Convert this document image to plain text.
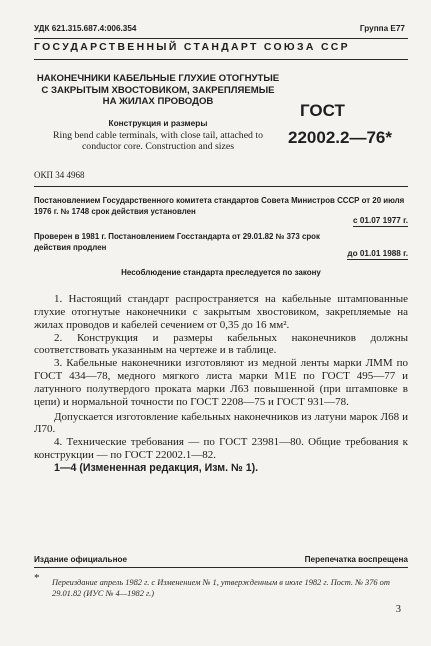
УДК 621.315.687.4:006.354	Группа Е77
ГОСУДАРСТВЕННЫЙ СТАНДАРТ СОЮЗА ССР
НАКОНЕЧНИКИ КАБЕЛЬНЫЕ ГЛУХИЕ ОТОГНУТЫЕ С ЗАКРЫТЫМ ХВОСТОВИКОМ, ЗАКРЕПЛЯЕМЫЕ НА ЖИЛАХ ПРОВОДОВ
Конструкция и размеры
Ring bend cable terminals, with close tail, attached to conductor core. Construction and sizes
ГОСТ
22002.2—76*
ОКП 34 4968
Постановлением Государственного комитета стандартов Совета Министров СССР от 20 июля 1976 г. № 1748 срок действия установлен
с 01.07 1977 г.
Проверен в 1981 г. Постановлением Госстандарта от 29.01.82 № 373 срок действия продлен
до 01.01 1988 г.
Несоблюдение стандарта преследуется по закону

1. Настоящий стандарт распространяется на кабельные штампованные глухие отогнутые наконечники с закрытым хвостовиком, закрепляемые на жилах проводов и кабелей сечением от 0,35 до 16 мм².

2. Конструкция и размеры кабельных наконечников должны соответствовать указанным на чертеже и в таблице.

3. Кабельные наконечники изготовляют из медной ленты марки ЛММ по ГОСТ 434—78, медного мягкого листа марки М1Е по ГОСТ 495—77 и латунного полутвердого проката марки Л63 повышенной (при штамповке в цепи) и нормальной точности по ГОСТ 2208—75 и ГОСТ 931—78.

Допускается изготовление кабельных наконечников из латуни марок Л68 и Л70.

4. Технические требования — по ГОСТ 23981—80. Общие требования к конструкции — по ГОСТ 22002.1—82.

1—4 (Измененная редакция, Изм. № 1).

Издание официальное	Перепечатка воспрещена
* Переиздание апрель 1982 г. с Изменением № 1, утвержденным в июле 1982 г. Пост. № 376 от 29.01.82 (ИУС № 4—1982 г.)
3
